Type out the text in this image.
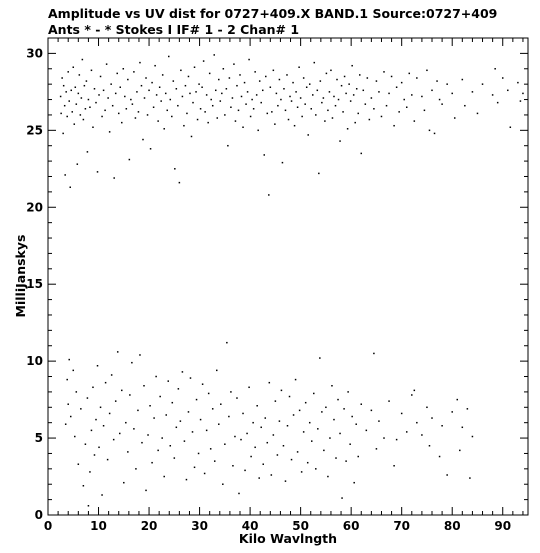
Amplitude vs UV dist for 0727+409.X BAND.1 Source:0727+409
Ants * - * Stokes I IF# 1 - 2 Chan# 1
0	10	20	30	40	50	60	70	80	90
0
5
10
15
20
25
30
Kilo Wavlngth
MilliJanskys
